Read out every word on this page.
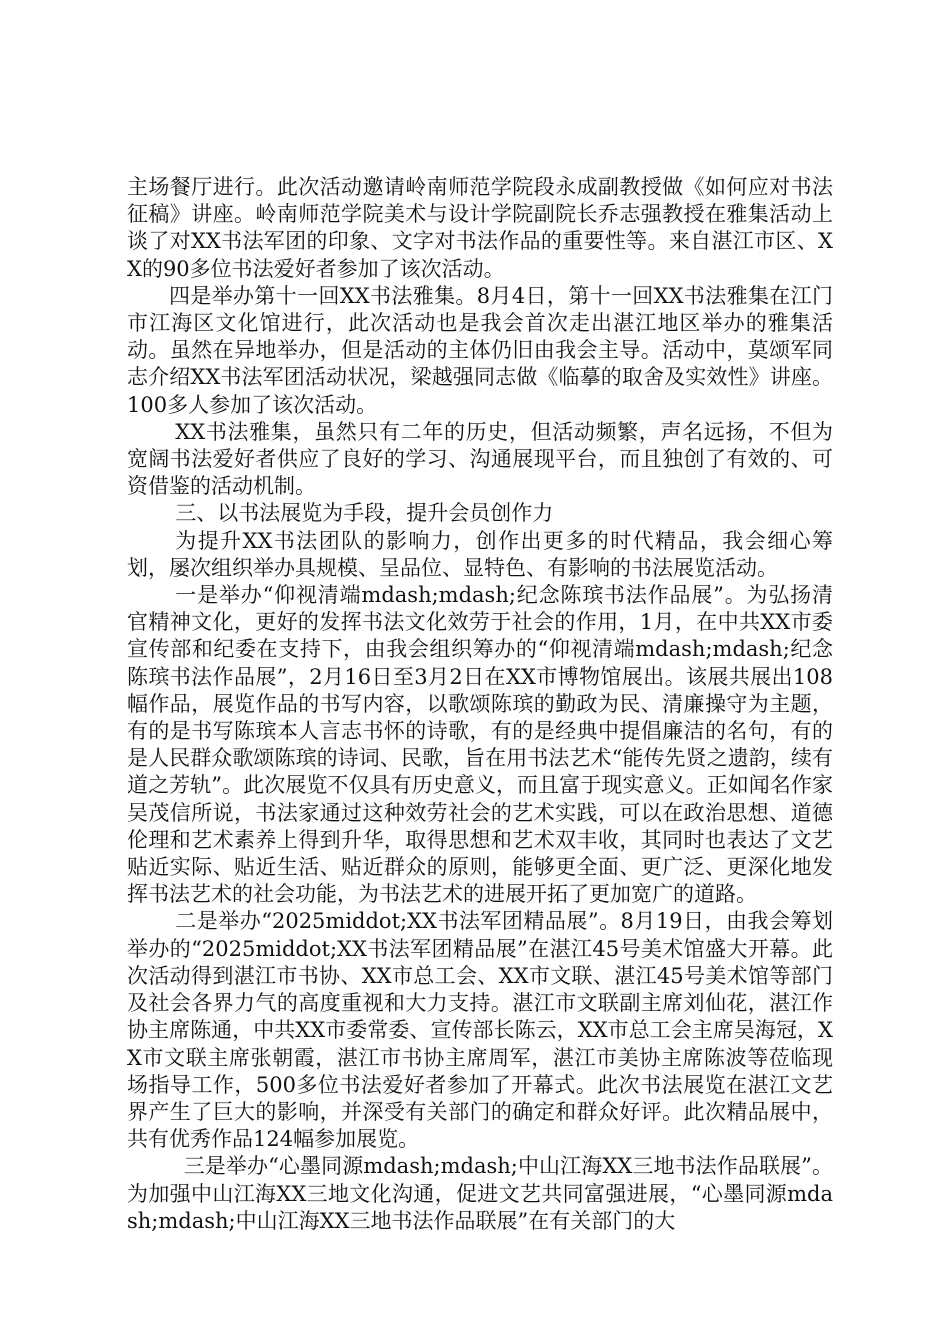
主场餐厅进行。此次活动邀请岭南师范学院段永成副教授做《如何应对书法征稿》讲座。岭南师范学院美术与设计学院副院长乔志强教授在雅集活动上谈了对XX书法军团的印象、文字对书法作品的重要性等。来自湛江市区、XX的90多位书法爱好者参加了该次活动。

四是举办第十一回XX书法雅集。8月4日，第十一回XX书法雅集在江门市江海区文化馆进行，此次活动也是我会首次走出湛江地区举办的雅集活动。虽然在异地举办，但是活动的主体仍旧由我会主导。活动中，莫颂军同志介绍XX书法军团活动状况，梁越强同志做《临摹的取舍及实效性》讲座。100多人参加了该次活动。

XX书法雅集，虽然只有二年的历史，但活动频繁，声名远扬，不但为宽阔书法爱好者供应了良好的学习、沟通展现平台，而且独创了有效的、可资借鉴的活动机制。

三、以书法展览为手段，提升会员创作力

为提升XX书法团队的影响力，创作出更多的时代精品，我会细心筹划，屡次组织举办具规模、呈品位、显特色、有影响的书法展览活动。

一是举办“仰视清端mdash;mdash;纪念陈瑸书法作品展”。为弘扬清官精神文化，更好的发挥书法文化效劳于社会的作用，1月，在中共XX市委宣传部和纪委在支持下，由我会组织筹办的“仰视清端mdash;mdash;纪念陈瑸书法作品展”，2月16日至3月2日在XX市博物馆展出。该展共展出108幅作品，展览作品的书写内容，以歌颂陈瑸的勤政为民、清廉操守为主题，有的是书写陈瑸本人言志书怀的诗歌，有的是经典中提倡廉洁的名句，有的是人民群众歌颂陈瑸的诗词、民歌，旨在用书法艺术“能传先贤之遗韵，续有道之芳轨”。此次展览不仅具有历史意义，而且富于现实意义。正如闻名作家吴茂信所说，书法家通过这种效劳社会的艺术实践，可以在政治思想、道德伦理和艺术素养上得到升华，取得思想和艺术双丰收，其同时也表达了文艺贴近实际、贴近生活、贴近群众的原则，能够更全面、更广泛、更深化地发挥书法艺术的社会功能，为书法艺术的进展开拓了更加宽广的道路。

二是举办“2025middot;XX书法军团精品展”。8月19日，由我会筹划举办的“2025middot;XX书法军团精品展”在湛江45号美术馆盛大开幕。此次活动得到湛江市书协、XX市总工会、XX市文联、湛江45号美术馆等部门及社会各界力气的高度重视和大力支持。湛江市文联副主席刘仙花，湛江作协主席陈通，中共XX市委常委、宣传部长陈云，XX市总工会主席吴海冠，XX市文联主席张朝霞，湛江市书协主席周军，湛江市美协主席陈波等莅临现场指导工作，500多位书法爱好者参加了开幕式。此次书法展览在湛江文艺界产生了巨大的影响，并深受有关部门的确定和群众好评。此次精品展中，共有优秀作品124幅参加展览。

三是举办“心墨同源mdash;mdash;中山江海XX三地书法作品联展”。为加强中山江海XX三地文化沟通，促进文艺共同富强进展，“心墨同源mdash;mdash;中山江海XX三地书法作品联展”在有关部门的大
